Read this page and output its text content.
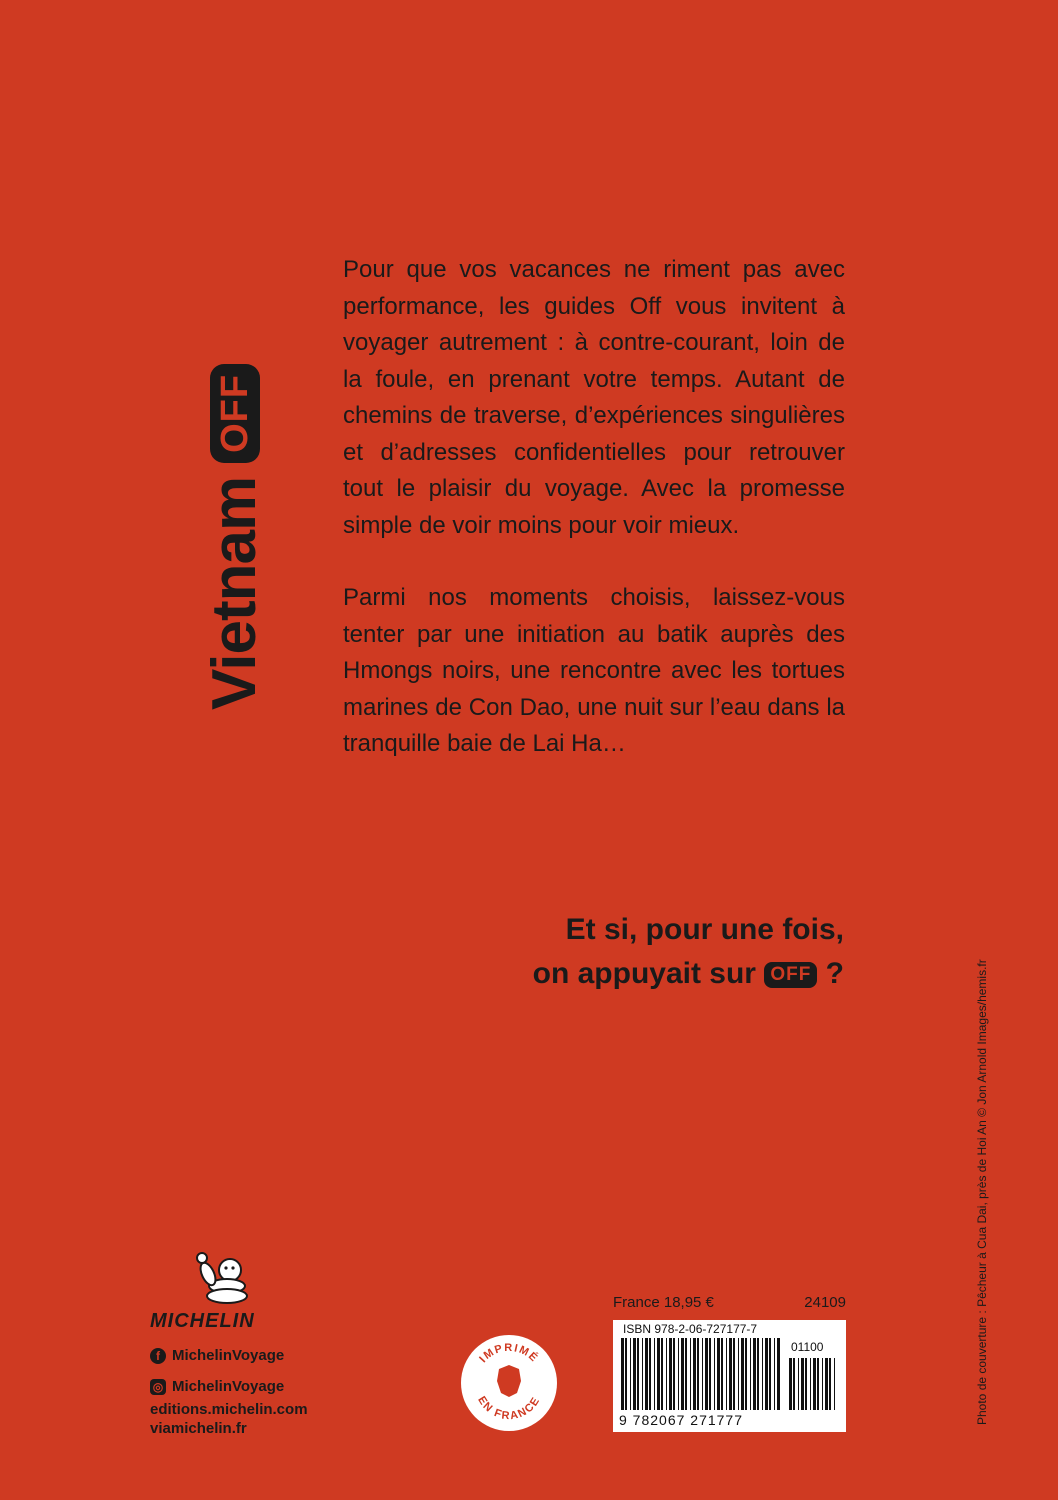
Vietnam
OFF

Pour que vos vacances ne riment pas avec performance, les guides Off vous invitent à voyager autrement : à contre-courant, loin de la foule, en prenant votre temps. Autant de chemins de traverse, d’expériences singulières et d’adresses confidentielles pour retrouver tout le plaisir du voyage. Avec la promesse simple de voir moins pour voir mieux.

Parmi nos moments choisis, laissez-vous tenter par une initiation au batik auprès des Hmongs noirs, une rencontre avec les tortues marines de Con Dao, une nuit sur l’eau dans la tranquille baie de Lai Ha…

Et si, pour une fois,
on appuyait sur OFF ?	Photo de couverture : Pêcheur à Cua Dai, près de Hoi An © Jon Arnold Images/hemis.fr
MICHELIN
f MichelinVoyage
◎ MichelinVoyage
editions.michelin.com
viamichelin.fr
IMPRIMÉ
EN FRANCE
France 18,95 €	24109
ISBN 978-2-06-727177-7
01100
9 782067 271777
